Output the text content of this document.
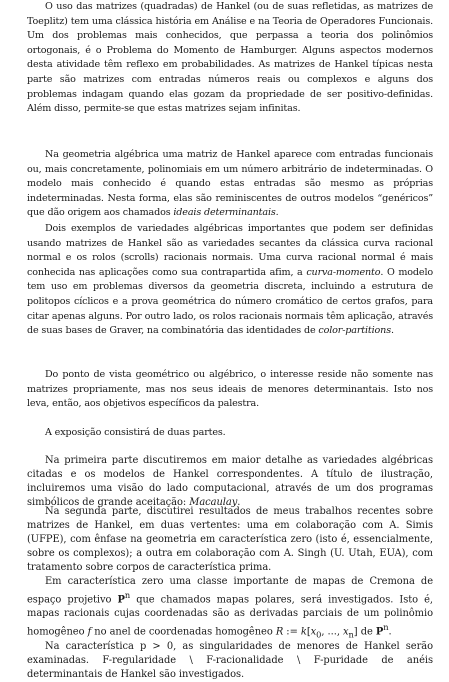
O uso das matrizes (quadradas) de Hankel (ou de suas refletidas, as matrizes de Toeplitz) tem uma clássica história em Análise e na Teoria de Operadores Funcionais. Um dos problemas mais conhecidos, que perpassa a teoria dos polinômios ortogonais, é o Problema do Momento de Hamburger. Alguns aspectos modernos desta atividade têm reflexo em probabilidades. As matrizes de Hankel típicas nesta parte são matrizes com entradas números reais ou complexos e alguns dos problemas indagam quando elas gozam da propriedade de ser positivo-definidas. Além disso, permite-se que estas matrizes sejam infinitas.

Na geometria algébrica uma matriz de Hankel aparece com entradas funcionais ou, mais concretamente, polinomiais em um número arbitrário de indeterminadas. O modelo mais conhecido é quando estas entradas são mesmo as próprias indeterminadas. Nesta forma, elas são reminiscentes de outros modelos “genéricos” que dão origem aos chamados ideais determinantais.

Dois exemplos de variedades algébricas importantes que podem ser definidas usando matrizes de Hankel são as variedades secantes da clássica curva racional normal e os rolos (scrolls) racionais normais. Uma curva racional normal é mais conhecida nas aplicações como sua contrapartida afim, a curva-momento. O modelo tem uso em problemas diversos da geometria discreta, incluindo a estrutura de politopos cíclicos e a prova geométrica do número cromático de certos grafos, para citar apenas alguns. Por outro lado, os rolos racionais normais têm aplicação, através de suas bases de Graver, na combinatória das identidades de color-partitions.

Do ponto de vista geométrico ou algébrico, o interesse reside não somente nas matrizes propriamente, mas nos seus ideais de menores determinantais. Isto nos leva, então, aos objetivos específicos da palestra.

A exposição consistirá de duas partes.

Na primeira parte discutiremos em maior detalhe as variedades algébricas citadas e os modelos de Hankel correspondentes. A título de ilustração, incluiremos uma visão do lado computacional, através de um dos programas simbólicos de grande aceitação: Macaulay.

Na segunda parte, discutirei resultados de meus trabalhos recentes sobre matrizes de Hankel, em duas vertentes: uma em colaboração com A. Simis (UFPE), com ênfase na geometria em característica zero (isto é, essencialmente, sobre os complexos); a outra em colaboração com A. Singh (U. Utah, EUA), com tratamento sobre corpos de característica prima.

Em característica zero uma classe importante de mapas de Cremona de espaço projetivo $P^n$ que chamados mapas polares, será investigados. Isto é, mapas racionais cujas coordenadas são as derivadas parciais de um polinômio homogêneo f no anel de coordenadas homogêneo R := $k[x_0$, ..., $x_n$] de $P^n$.

Na característica p > 0, as singularidades de menores de Hankel serão examinadas. F-regularidade \ F-racionalidade \ F-puridade de anéis determinantais de Hankel são investigados.
